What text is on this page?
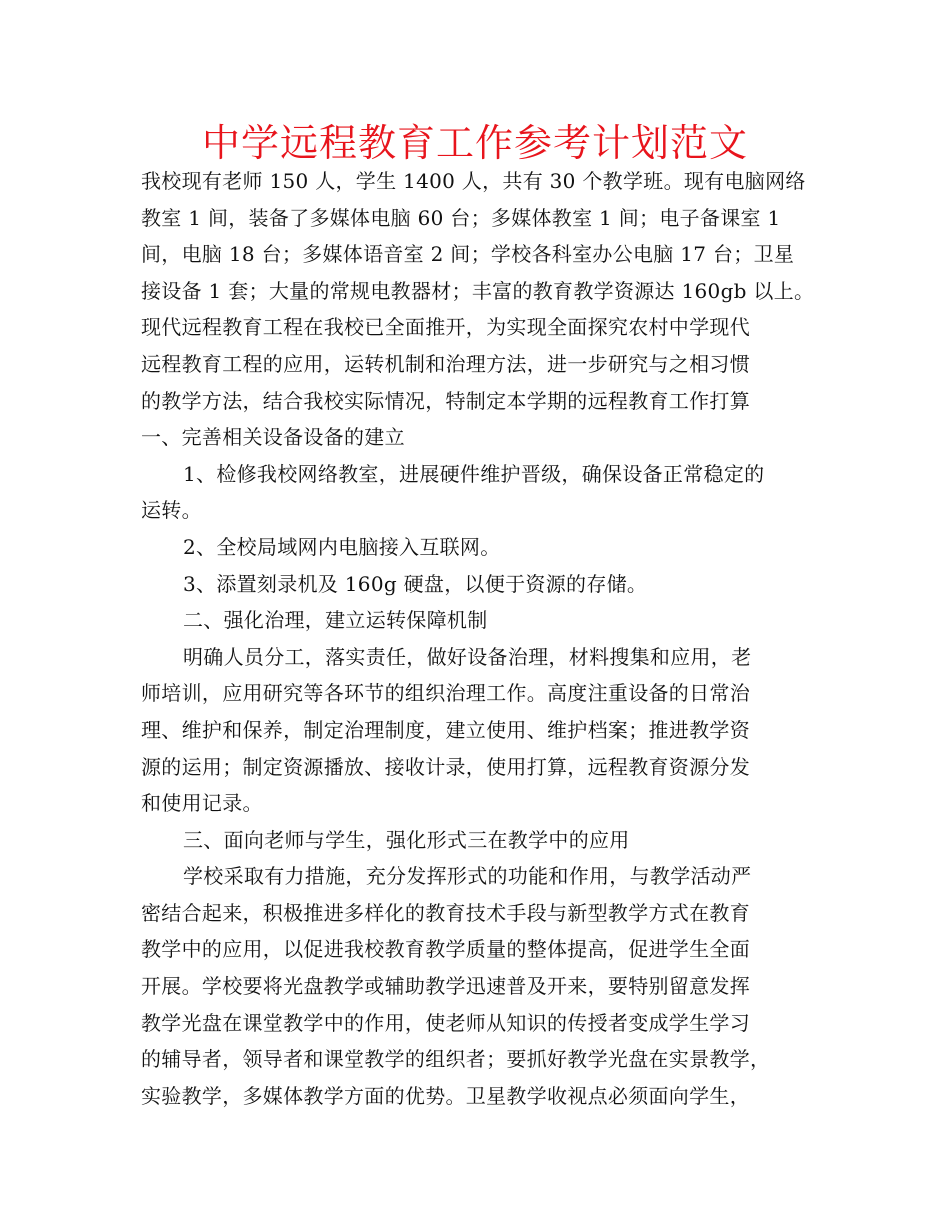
中学远程教育工作参考计划范文
我校现有老师 150 人，学生 1400 人，共有 30 个教学班。现有电脑网络
教室 1 间，装备了多媒体电脑 60 台；多媒体教室 1 间；电子备课室 1
间，电脑 18 台；多媒体语音室 2 间；学校各科室办公电脑 17 台；卫星
接设备 1 套；大量的常规电教器材；丰富的教育教学资源达 160gb 以上。
现代远程教育工程在我校已全面推开，为实现全面探究农村中学现代
远程教育工程的应用，运转机制和治理方法，进一步研究与之相习惯
的教学方法，结合我校实际情况，特制定本学期的远程教育工作打算
一、完善相关设备设备的建立
1、检修我校网络教室，进展硬件维护晋级，确保设备正常稳定的
运转。
2、全校局域网内电脑接入互联网。
3、添置刻录机及 160g 硬盘，以便于资源的存储。
二、强化治理，建立运转保障机制
明确人员分工，落实责任，做好设备治理，材料搜集和应用，老
师培训，应用研究等各环节的组织治理工作。高度注重设备的日常治
理、维护和保养，制定治理制度，建立使用、维护档案；推进教学资
源的运用；制定资源播放、接收计录，使用打算，远程教育资源分发
和使用记录。
三、面向老师与学生，强化形式三在教学中的应用
学校采取有力措施，充分发挥形式的功能和作用，与教学活动严
密结合起来，积极推进多样化的教育技术手段与新型教学方式在教育
教学中的应用，以促进我校教育教学质量的整体提高，促进学生全面
开展。学校要将光盘教学或辅助教学迅速普及开来，要特别留意发挥
教学光盘在课堂教学中的作用，使老师从知识的传授者变成学生学习
的辅导者，领导者和课堂教学的组织者；要抓好教学光盘在实景教学，
实验教学，多媒体教学方面的优势。卫星教学收视点必须面向学生，
